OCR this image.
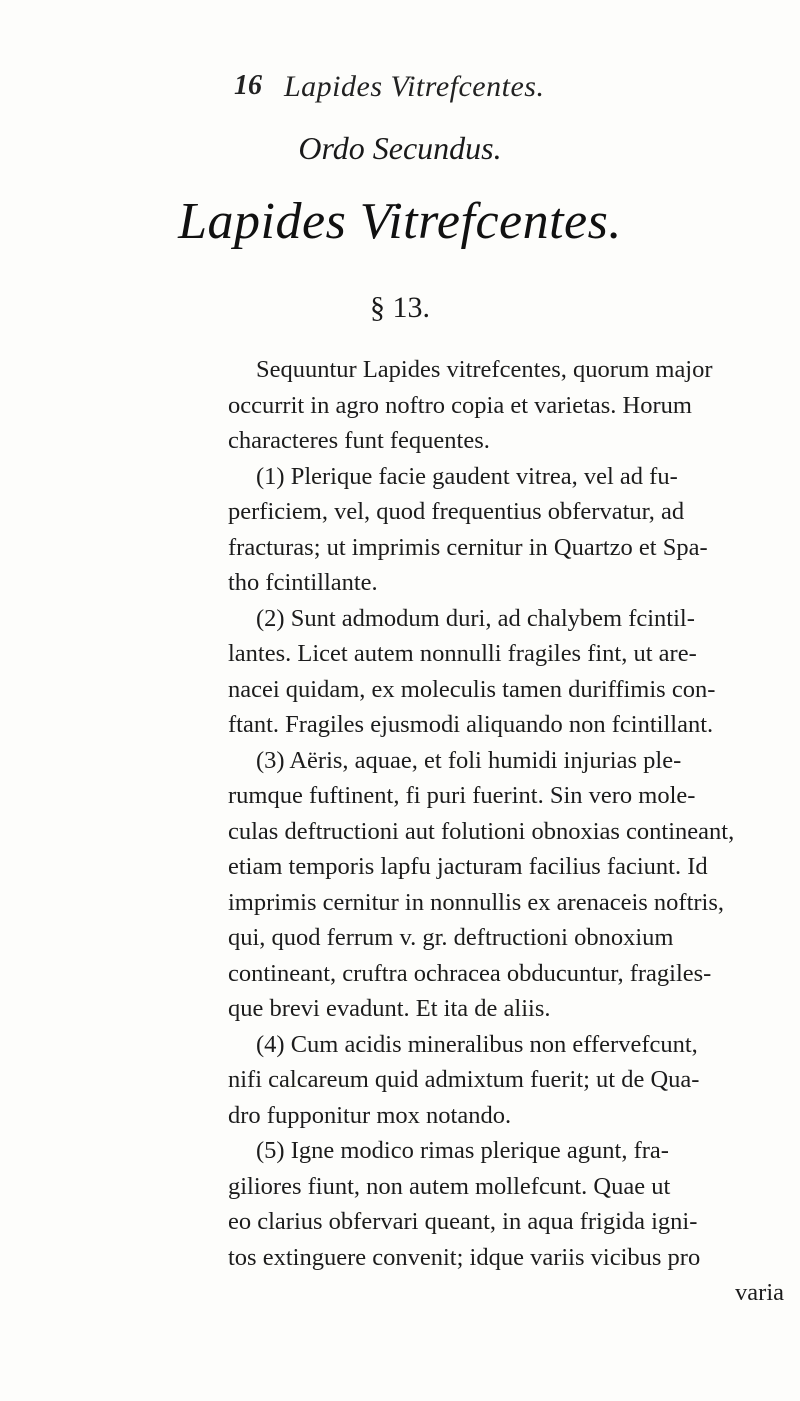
16 Lapides Vitrefcentes.
Ordo Secundus.
Lapides Vitrefcentes.
§ 13.
Sequuntur Lapides vitrefcentes, quorum major
occurrit in agro noftro copia et varietas. Horum
characteres funt fequentes.
(1) Plerique facie gaudent vitrea, vel ad fu-
perficiem, vel, quod frequentius obfervatur, ad
fracturas; ut imprimis cernitur in Quartzo et Spa-
tho fcintillante.
(2) Sunt admodum duri, ad chalybem fcintil-
lantes. Licet autem nonnulli fragiles fint, ut are-
nacei quidam, ex moleculis tamen duriffimis con-
ftant. Fragiles ejusmodi aliquando non fcintillant.
(3) Aëris, aquae, et foli humidi injurias ple-
rumque fuftinent, fi puri fuerint. Sin vero mole-
culas deftructioni aut folutioni obnoxias contineant,
etiam temporis lapfu jacturam facilius faciunt. Id
imprimis cernitur in nonnullis ex arenaceis noftris,
qui, quod ferrum v. gr. deftructioni obnoxium
contineant, cruftra ochracea obducuntur, fragiles-
que brevi evadunt. Et ita de aliis.
(4) Cum acidis mineralibus non effervefcunt,
nifi calcareum quid admixtum fuerit; ut de Qua-
dro fupponitur mox notando.
(5) Igne modico rimas plerique agunt, fra-
giliores fiunt, non autem mollefcunt. Quae ut
eo clarius obfervari queant, in aqua frigida igni-
tos extinguere convenit; idque variis vicibus pro
varia
